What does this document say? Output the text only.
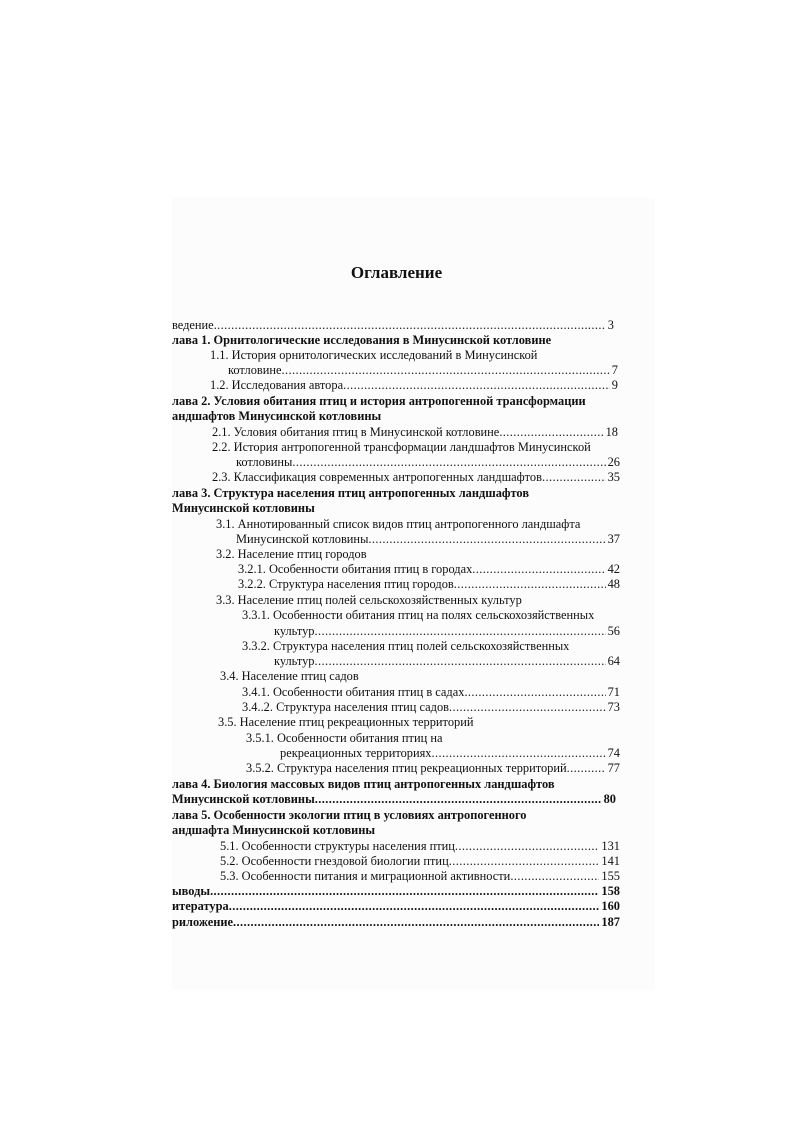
Оглавление
ведение .....	3
лава 1. Орнитологические исследования в Минусинской котловине
1.1. История орнитологических исследований в Минусинской
котловине .....	7
1.2. Исследования автора .....	9
лава 2. Условия обитания птиц и история антропогенной трансформации
андшафтов Минусинской котловины
2.1. Условия обитания птиц в Минусинской котловине .....	18
2.2. История антропогенной трансформации ландшафтов Минусинской
котловины .....	26
2.3. Классификация современных антропогенных ландшафтов .....	35
лава 3. Структура населения птиц антропогенных ландшафтов
Минусинской котловины
3.1. Аннотированный список видов птиц антропогенного ландшафта
Минусинской котловины .....	37
3.2. Население птиц городов
3.2.1. Особенности обитания птиц в городах .....	42
3.2.2. Структура населения птиц городов .....	48
3.3. Население птиц полей сельскохозяйственных культур
3.3.1. Особенности обитания птиц на полях сельскохозяйственных
культур .....	56
3.3.2. Структура населения птиц полей сельскохозяйственных
культур .....	64
3.4. Население птиц садов
3.4.1. Особенности обитания птиц в садах .....	71
3.4..2. Структура населения птиц садов .....	73
3.5. Население птиц рекреационных территорий
3.5.1. Особенности обитания птиц на
рекреационных территориях .....	74
3.5.2. Структура населения птиц рекреационных территорий .....	77
лава 4. Биология массовых видов птиц антропогенных ландшафтов
Минусинской котловины .....	80
лава 5. Особенности экологии птиц в условиях антропогенного
андшафта Минусинской котловины
5.1. Особенности структуры населения птиц .....	131
5.2. Особенности гнездовой биологии птиц .....	141
5.3. Особенности питания и миграционной активности .....	155
ыводы .....	158
итература .....	160
риложение .....	187
